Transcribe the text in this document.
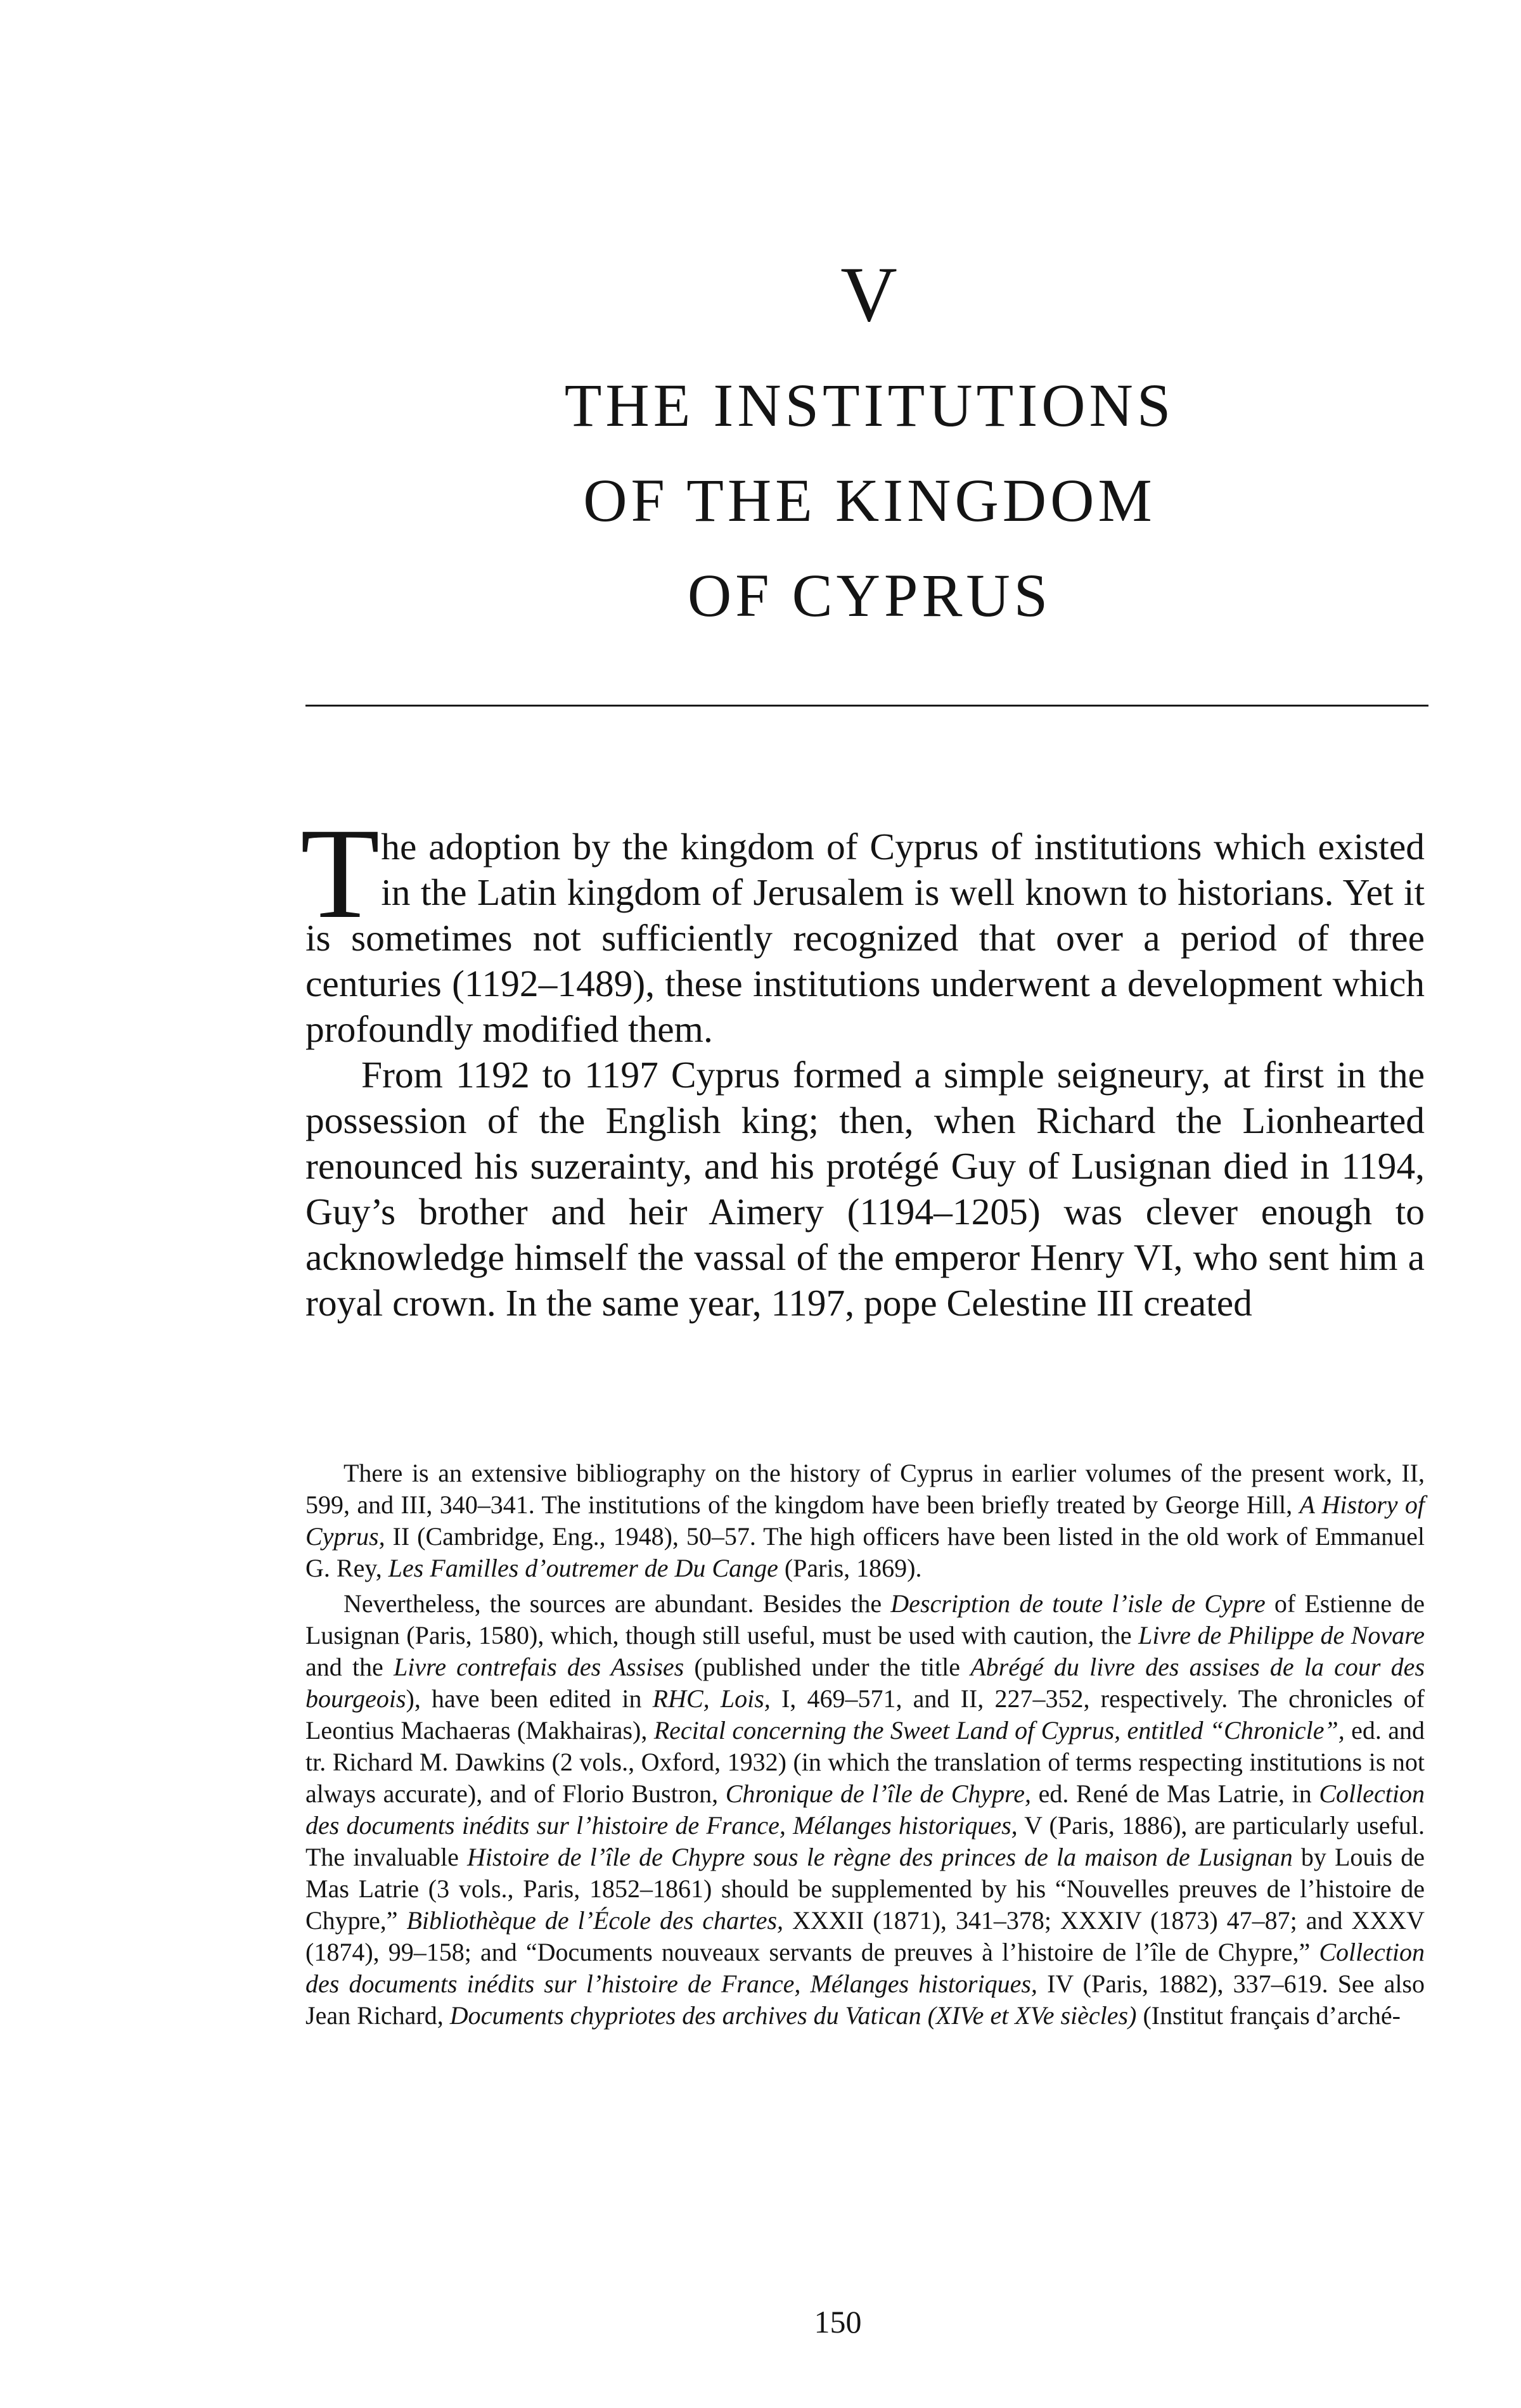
V
THE INSTITUTIONS
OF THE KINGDOM
OF CYPRUS

The adoption by the kingdom of Cyprus of institutions which existed in the Latin kingdom of Jerusalem is well known to historians. Yet it is sometimes not sufficiently recognized that over a period of three centuries (1192–1489), these institutions underwent a development which profoundly modified them.

From 1192 to 1197 Cyprus formed a simple seigneury, at first in the possession of the English king; then, when Richard the Lionhearted renounced his suzerainty, and his protégé Guy of Lusignan died in 1194, Guy’s brother and heir Aimery (1194–1205) was clever enough to acknowledge himself the vassal of the emperor Henry VI, who sent him a royal crown. In the same year, 1197, pope Celestine III created

There is an extensive bibliography on the history of Cyprus in earlier volumes of the present work, II, 599, and III, 340–341. The institutions of the kingdom have been briefly treated by George Hill, A History of Cyprus, II (Cambridge, Eng., 1948), 50–57. The high officers have been listed in the old work of Emmanuel G. Rey, Les Familles d’outremer de Du Cange (Paris, 1869).

Nevertheless, the sources are abundant. Besides the Description de toute l’isle de Cypre of Estienne de Lusignan (Paris, 1580), which, though still useful, must be used with caution, the Livre de Philippe de Novare and the Livre contrefais des Assises (published under the title Abrégé du livre des assises de la cour des bourgeois), have been edited in RHC, Lois, I, 469–571, and II, 227–352, respectively. The chronicles of Leontius Machaeras (Makhairas), Recital concerning the Sweet Land of Cyprus, entitled “Chronicle”, ed. and tr. Richard M. Dawkins (2 vols., Oxford, 1932) (in which the translation of terms respecting institutions is not always accurate), and of Florio Bustron, Chronique de l’île de Chypre, ed. René de Mas Latrie, in Collection des documents inédits sur l’histoire de France, Mélanges historiques, V (Paris, 1886), are particularly useful. The invaluable Histoire de l’île de Chypre sous le règne des princes de la maison de Lusignan by Louis de Mas Latrie (3 vols., Paris, 1852–1861) should be supplemented by his “Nouvelles preuves de l’histoire de Chypre,” Bibliothèque de l’École des chartes, XXXII (1871), 341–378; XXXIV (1873) 47–87; and XXXV (1874), 99–158; and “Documents nouveaux servants de preuves à l’histoire de l’île de Chypre,” Collection des documents inédits sur l’histoire de France, Mélanges historiques, IV (Paris, 1882), 337–619. See also Jean Richard, Documents chypriotes des archives du Vatican (XIVe et XVe siècles) (Institut français d’arché-

150
